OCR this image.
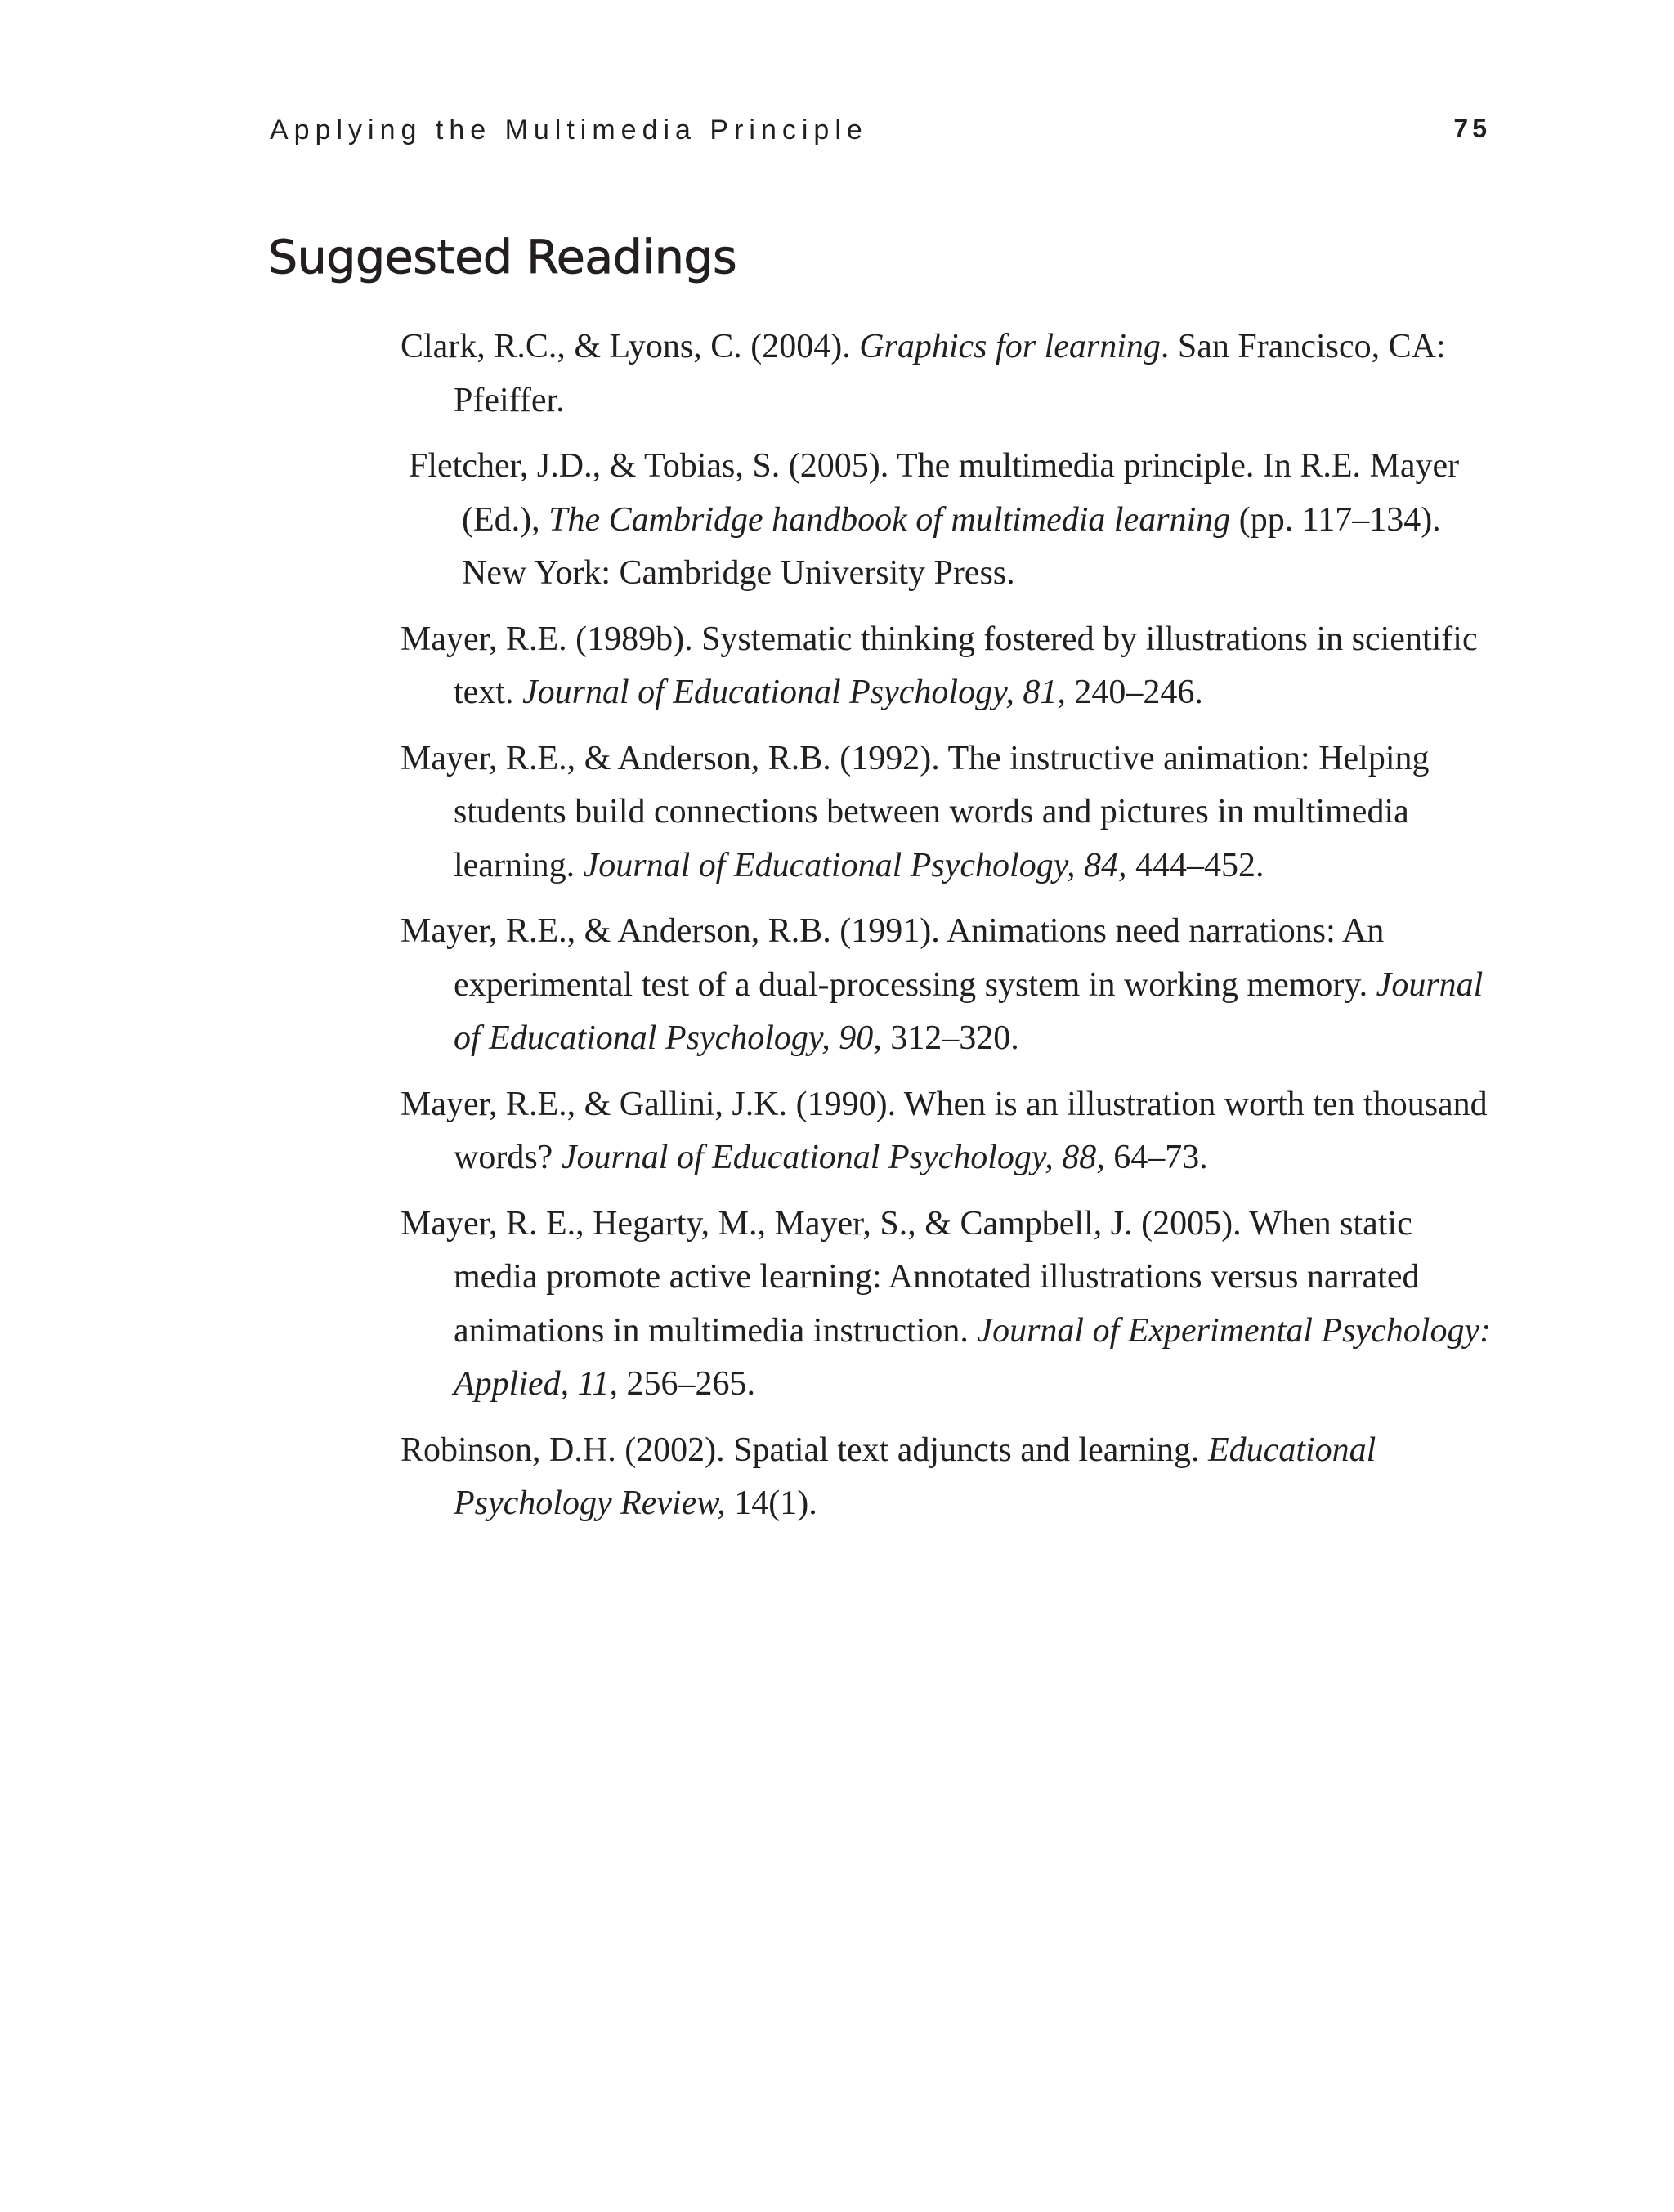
Applying the Multimedia Principle	75
Suggested Readings
Clark, R.C., & Lyons, C. (2004). Graphics for learning. San Francisco, CA: Pfeiffer.
Fletcher, J.D., & Tobias, S. (2005). The multimedia principle. In R.E. Mayer (Ed.), The Cambridge handbook of multimedia learning (pp. 117–134). New York: Cambridge University Press.
Mayer, R.E. (1989b). Systematic thinking fostered by illustrations in scientific text. Journal of Educational Psychology, 81, 240–246.
Mayer, R.E., & Anderson, R.B. (1992). The instructive animation: Helping students build connections between words and pictures in multimedia learning. Journal of Educational Psychology, 84, 444–452.
Mayer, R.E., & Anderson, R.B. (1991). Animations need narrations: An experimental test of a dual-processing system in working memory. Journal of Educational Psychology, 90, 312–320.
Mayer, R.E., & Gallini, J.K. (1990). When is an illustration worth ten thousand words? Journal of Educational Psychology, 88, 64–73.
Mayer, R. E., Hegarty, M., Mayer, S., & Campbell, J. (2005). When static media promote active learning: Annotated illustrations versus narrated animations in multimedia instruction. Journal of Experimental Psychology: Applied, 11, 256–265.
Robinson, D.H. (2002). Spatial text adjuncts and learning. Educational Psychology Review, 14(1).
